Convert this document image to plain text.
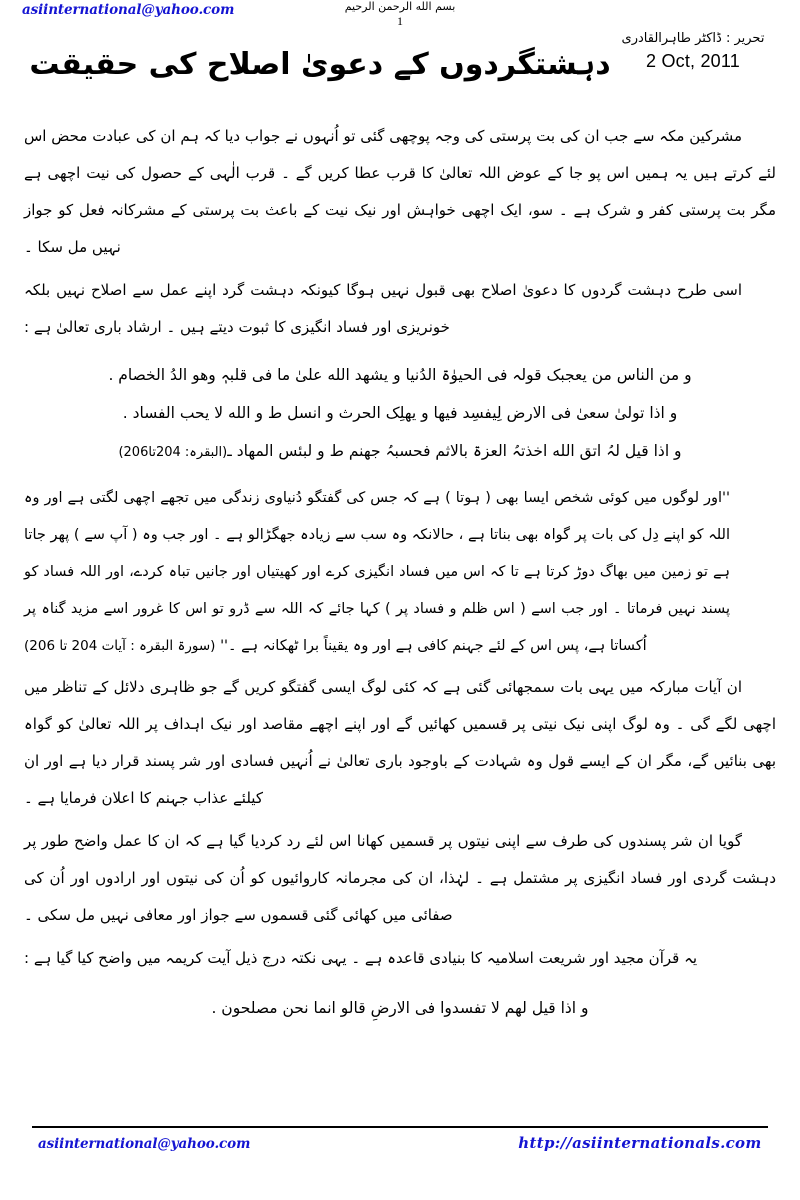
asiinternational@yahoo.com	بسم الله الرحمن الرحیم
1
تحریر : ڈاکٹر طاہرالقادری
2 Oct, 2011
دہشتگردوں کے دعویٰ اصلاح کی حقیقت

مشرکین مکہ سے جب ان کی بت پرستی کی وجہ پوچھی گئی تو اُنہوں نے جواب دیا کہ ہم ان کی عبادت محض اس لئے کرتے ہیں یہ ہمیں اس پو جا کے عوض اللہ تعالیٰ کا قرب عطا کریں گے ۔ قرب الٰہی کے حصول کی نیت اچھی ہے مگر بت پرستی کفر و شرک ہے ۔ سو، ایک اچھی خواہش اور نیک نیت کے باعث بت پرستی کے مشرکانہ فعل کو جواز نہیں مل سکا ۔

اسی طرح دہشت گردوں کا دعویٰ اصلاح بھی قبول نہیں ہوگا کیونکہ دہشت گرد اپنے عمل سے اصلاح نہیں بلکہ خونریزی اور فساد انگیزی کا ثبوت دیتے ہیں ۔ ارشاد باری تعالیٰ ہے :

و من الناس من یعجبک قولہ فی الحیوٰۃ الدُنیا و یشھد الله علیٰ ما فی قلبہٖ وھو الدُ الخصام .

و اذا تولیٰ سعیٰ فی الارض لِیفسِد فیھا و یھلِک الحرث و انسل ط و الله لا یحب الفساد .

و اذا قیل لہُ اتق الله اخذتہُ العزۃ بالاثم فحسبہُ جھنم ط و لبئس المھاد ـ(البقرہ: 204تا206)

''اور لوگوں میں کوئی شخص ایسا بھی ( ہوتا ) ہے کہ جس کی گفتگو دُنیاوی زندگی میں تجھے اچھی لگتی ہے اور وہ اللہ کو اپنے دِل کی بات پر گواہ بھی بناتا ہے ، حالانکہ وہ سب سے زیادہ جھگڑالو ہے ۔ اور جب وہ ( آپ سے ) پھر جاتا ہے تو زمین میں بھاگ دوڑ کرتا ہے تا کہ اس میں فساد انگیزی کرے اور کھیتیاں اور جانیں تباہ کردے، اور اللہ فساد کو پسند نہیں فرماتا ۔ اور جب اسے ( اس ظلم و فساد پر ) کہا جائے کہ اللہ سے ڈرو تو اس کا غرور اسے مزید گناہ پر اُکساتا ہے، پس اس کے لئے جہنم کافی ہے اور وہ یقیناً برا ٹھکانہ ہے ۔'' (سورۃ البقرہ : آیات 204 تا 206)

ان آیات مبارکہ میں یہی بات سمجھائی گئی ہے کہ کئی لوگ ایسی گفتگو کریں گے جو ظاہری دلائل کے تناظر میں اچھی لگے گی ۔ وہ لوگ اپنی نیک نیتی پر قسمیں کھائیں گے اور اپنے اچھے مقاصد اور نیک اہداف پر اللہ تعالیٰ کو گواہ بھی بنائیں گے، مگر ان کے ایسے قول وہ شہادت کے باوجود باری تعالیٰ نے اُنہیں فسادی اور شر پسند قرار دیا ہے اور ان کیلئے عذاب جہنم کا اعلان فرمایا ہے ۔

گویا ان شر پسندوں کی طرف سے اپنی نیتوں پر قسمیں کھانا اس لئے رد کردیا گیا ہے کہ ان کا عمل واضح طور پر دہشت گردی اور فساد انگیزی پر مشتمل ہے ۔ لہٰذا، ان کی مجرمانہ کاروائیوں کو اُن کی نیتوں اور ارادوں اور اُن کی صفائی میں کھائی گئی قسموں سے جواز اور معافی نہیں مل سکی ۔

یہ قرآن مجید اور شریعت اسلامیہ کا بنیادی قاعدہ ہے ۔ یہی نکتہ درج ذیل آیت کریمہ میں واضح کیا گیا ہے :

و اذا قیل لھم لا تفسدوا فی الارضِ قالو انما نحن مصلحون .

asiinternational@yahoo.com	http://asiinternationals.com
